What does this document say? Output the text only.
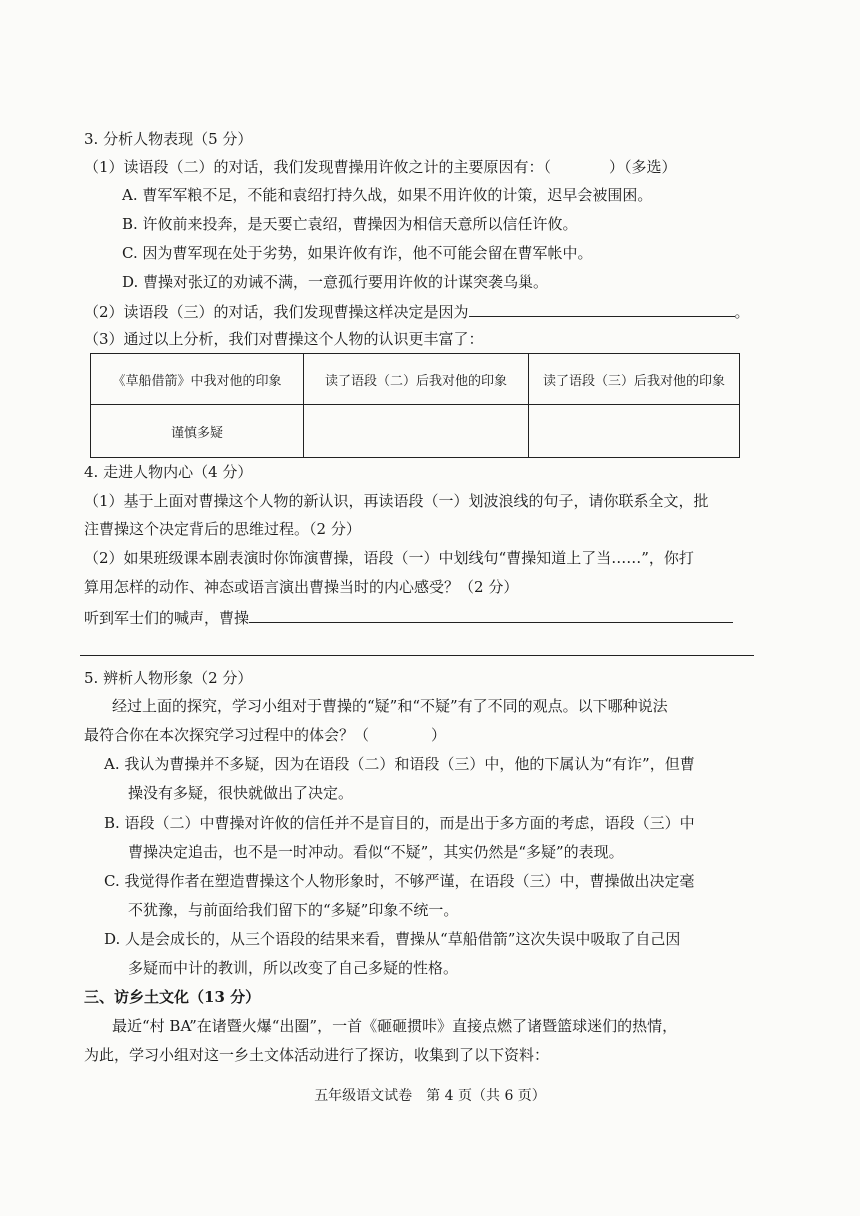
3. 分析人物表现（5 分）
（1）读语段（二）的对话，我们发现曹操用许攸之计的主要原因有：（	）（多选）
A. 曹军军粮不足，不能和袁绍打持久战，如果不用许攸的计策，迟早会被围困。
B. 许攸前来投奔，是天要亡袁绍，曹操因为相信天意所以信任许攸。
C. 因为曹军现在处于劣势，如果许攸有诈，他不可能会留在曹军帐中。
D. 曹操对张辽的劝诫不满，一意孤行要用许攸的计谋突袭乌巢。
（2）读语段（三）的对话，我们发现曹操这样决定是因为	。
（3）通过以上分析，我们对曹操这个人物的认识更丰富了：
《草船借箭》中我对他的印象	读了语段（二）后我对他的印象	读了语段（三）后我对他的印象
谨慎多疑		
4. 走进人物内心（4 分）
（1）基于上面对曹操这个人物的新认识，再读语段（一）划波浪线的句子，请你联系全文，批
注曹操这个决定背后的思维过程。（2 分）
（2）如果班级课本剧表演时你饰演曹操，语段（一）中划线句“曹操知道上了当……”，你打
算用怎样的动作、神态或语言演出曹操当时的内心感受？（2 分）
听到军士们的喊声，曹操
5. 辨析人物形象（2 分）
经过上面的探究，学习小组对于曹操的“疑”和“不疑”有了不同的观点。以下哪种说法
最符合你在本次探究学习过程中的体会？（	）
A. 我认为曹操并不多疑，因为在语段（二）和语段（三）中，他的下属认为“有诈”，但曹
操没有多疑，很快就做出了决定。
B. 语段（二）中曹操对许攸的信任并不是盲目的，而是出于多方面的考虑，语段（三）中
曹操决定追击，也不是一时冲动。看似“不疑”，其实仍然是“多疑”的表现。
C. 我觉得作者在塑造曹操这个人物形象时，不够严谨，在语段（三）中，曹操做出决定毫
不犹豫，与前面给我们留下的“多疑”印象不统一。
D. 人是会成长的，从三个语段的结果来看，曹操从“草船借箭”这次失误中吸取了自己因
多疑而中计的教训，所以改变了自己多疑的性格。
三、访乡土文化（13 分）
最近“村 BA”在诸暨火爆“出圈”，一首《砸砸掼咔》直接点燃了诸暨篮球迷们的热情，
为此，学习小组对这一乡土文体活动进行了探访，收集到了以下资料：
五年级语文试卷　第 4 页（共 6 页）
